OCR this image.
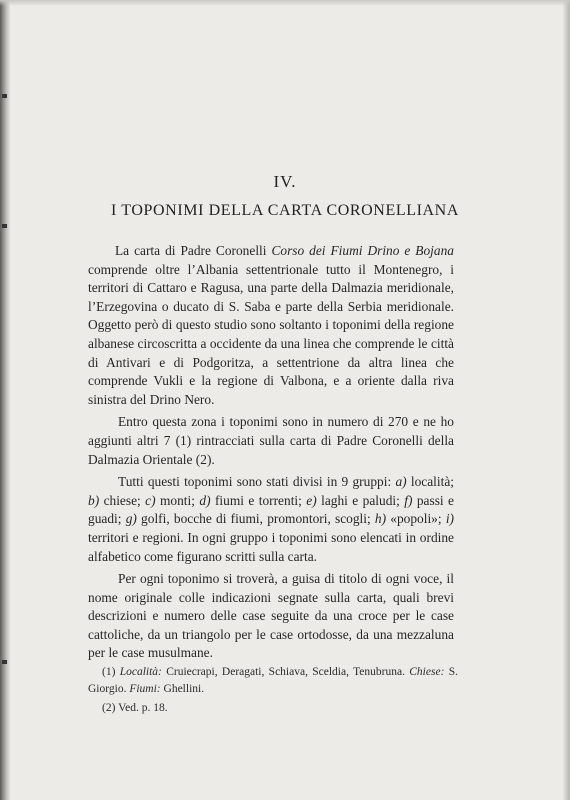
IV.
I TOPONIMI DELLA CARTA CORONELLIANA

La carta di Padre Coronelli Corso dei Fiumi Drino e Bojana comprende oltre l’Albania settentrionale tutto il Montenegro, i territori di Cattaro e Ragusa, una parte della Dalmazia meridionale, l’Erzegovina o ducato di S. Saba e parte della Serbia meridionale. Oggetto però di questo studio sono soltanto i toponimi della regione albanese circoscritta a occidente da una linea che comprende le città di Antivari e di Podgoritza, a settentrione da altra linea che comprende Vukli e la regione di Valbona, e a oriente dalla riva sinistra del Drino Nero.

Entro questa zona i toponimi sono in numero di 270 e ne ho aggiunti altri 7 (1) rintracciati sulla carta di Padre Coronelli della Dalmazia Orientale (2).

Tutti questi toponimi sono stati divisi in 9 gruppi: a) località; b) chiese; c) monti; d) fiumi e torrenti; e) laghi e paludi; f) passi e guadi; g) golfi, bocche di fiumi, promontori, scogli; h) «popoli»; i) territori e regioni. In ogni gruppo i toponimi sono elencati in ordine alfabetico come figurano scritti sulla carta.

Per ogni toponimo si troverà, a guisa di titolo di ogni voce, il nome originale colle indicazioni segnate sulla carta, quali brevi descrizioni e numero delle case seguite da una croce per le case cattoliche, da un triangolo per le case ortodosse, da una mezzaluna per le case musulmane.

(1) Località: Cruiecrapi, Deragati, Schiava, Sceldia, Tenubruna. Chiese: S. Giorgio. Fiumi: Ghellini.

(2) Ved. p. 18.
